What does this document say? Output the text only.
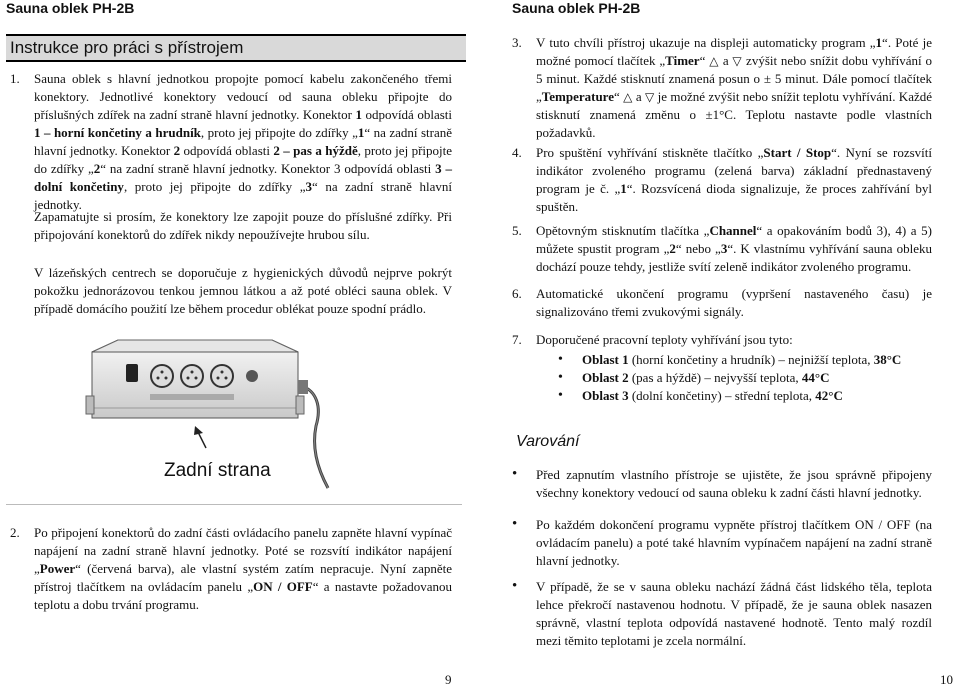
Sauna oblek PH-2B
Instrukce pro práci s přístrojem
1. Sauna oblek s hlavní jednotkou propojte pomocí kabelu zakončeného třemi konektory. Jednotlivé konektory vedoucí od sauna obleku připojte do příslušných zdířek na zadní straně hlavní jednotky. Konektor 1 odpovídá oblasti 1 – horní končetiny a hrudník, proto jej připojte do zdířky „1“ na zadní straně hlavní jednotky. Konektor 2 odpovídá oblasti 2 – pas a hýždě, proto jej připojte do zdířky „2“ na zadní straně hlavní jednotky. Konektor 3 odpovídá oblasti 3 – dolní končetiny, proto jej připojte do zdířky „3“ na zadní straně hlavní jednotky.

Zapamatujte si prosím, že konektory lze zapojit pouze do příslušné zdířky. Při připojování konektorů do zdířek nikdy nepoužívejte hrubou sílu.

V lázeňských centrech se doporučuje z hygienických důvodů nejprve pokrýt pokožku jednorázovou tenkou jemnou látkou a až poté obléci sauna oblek. V případě domácího použití lze během procedur oblékat pouze spodní prádlo.

Zadní strana
2. Po připojení konektorů do zadní části ovládacího panelu zapněte hlavní vypínač napájení na zadní straně hlavní jednotky. Poté se rozsvítí indikátor napájení „Power“ (červená barva), ale vlastní systém zatím nepracuje. Nyní zapněte přístroj tlačítkem na ovládacím panelu „ON / OFF“ a nastavte požadovanou teplotu a dobu trvání programu.

9
Sauna oblek PH-2B
3. V tuto chvíli přístroj ukazuje na displeji automaticky program „1“. Poté je možné pomocí tlačítek „Timer“ △ a ▽ zvýšit nebo snížit dobu vyhřívání o 5 minut. Každé stisknutí znamená posun o ± 5 minut. Dále pomocí tlačítek „Temperature“ △ a ▽ je možné zvýšit nebo snížit teplotu vyhřívání. Každé stisknutí znamená změnu o ±1°C. Teplotu nastavte podle vlastních požadavků.

4. Pro spuštění vyhřívání stiskněte tlačítko „Start / Stop“. Nyní se rozsvítí indikátor zvoleného programu (zelená barva) základní přednastavený program je č. „1“. Rozsvícená dioda signalizuje, že proces zahřívání byl spuštěn.

5. Opětovným stisknutím tlačítka „Channel“ a opakováním bodů 3), 4) a 5) můžete spustit program „2“ nebo „3“. K vlastnímu vyhřívání sauna obleku dochází pouze tehdy, jestliže svítí zeleně indikátor zvoleného programu.

6. Automatické ukončení programu (vypršení nastaveného času) je signalizováno třemi zvukovými signály.

7. Doporučené pracovní teploty vyhřívání jsou tyto:

• Oblast 1 (horní končetiny a hrudník) – nejnižší teplota, 38°C
• Oblast 2 (pas a hýždě) – nejvyšší teplota, 44°C
• Oblast 3 (dolní končetiny) – střední teplota, 42°C
Varování
• Před zapnutím vlastního přístroje se ujistěte, že jsou správně připojeny všechny konektory vedoucí od sauna obleku k zadní části hlavní jednotky.

• Po každém dokončení programu vypněte přístroj tlačítkem ON / OFF (na ovládacím panelu) a poté také hlavním vypínačem napájení na zadní straně hlavní jednotky.

• V případě, že se v sauna obleku nachází žádná část lidského těla, teplota lehce překročí nastavenou hodnotu. V případě, že je sauna oblek nasazen správně, vlastní teplota odpovídá nastavené hodnotě. Tento malý rozdíl mezi těmito teplotami je zcela normální.

10
